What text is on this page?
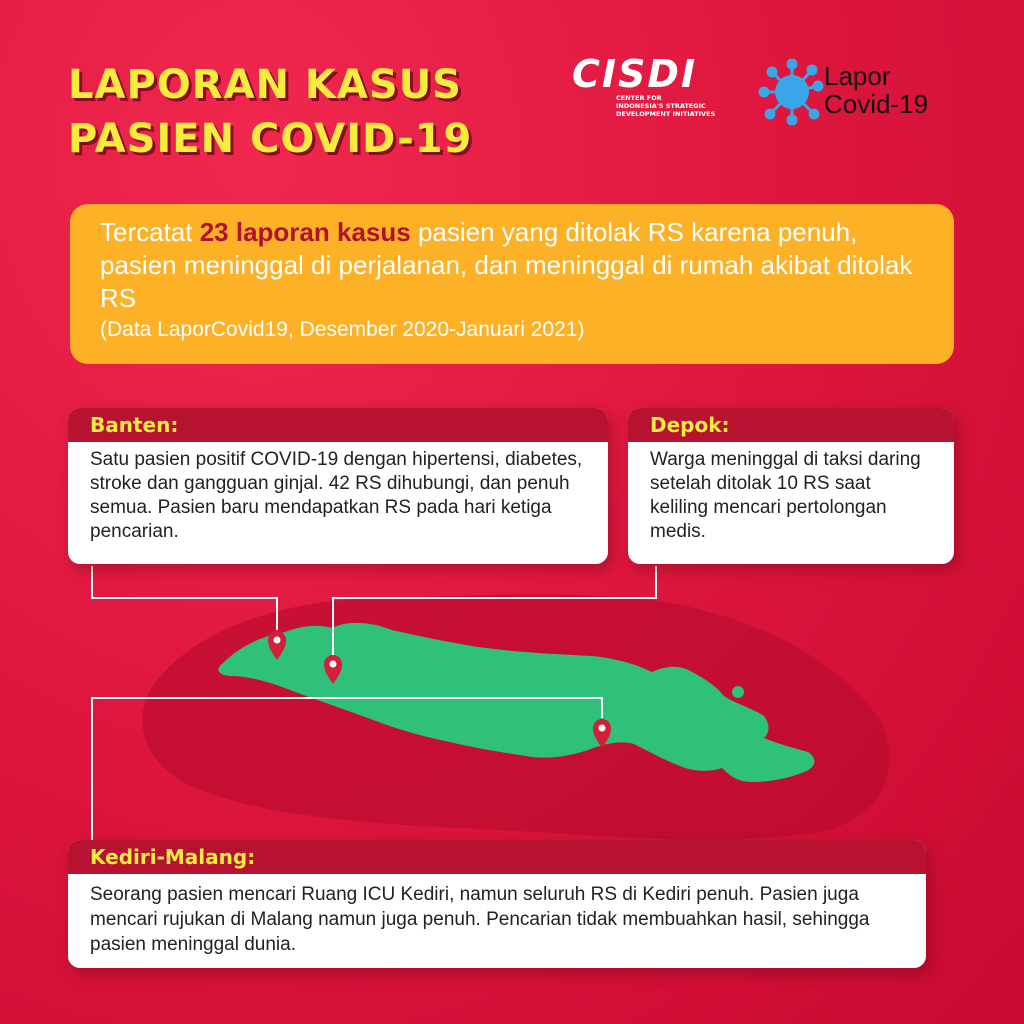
LAPORAN KASUS
PASIEN COVID-19
CISDI
CENTER FOR
INDONESIA'S STRATEGIC
DEVELOPMENT INITIATIVES
Lapor
Covid-19
Tercatat 23 laporan kasus pasien yang ditolak RS karena penuh, pasien meninggal di perjalanan, dan meninggal di rumah akibat ditolak RS
(Data LaporCovid19, Desember 2020-Januari 2021)
Banten:
Satu pasien positif COVID-19 dengan hipertensi, diabetes, stroke dan gangguan ginjal. 42 RS dihubungi, dan penuh semua. Pasien baru mendapatkan RS pada hari ketiga pencarian.
Depok:
Warga meninggal di taksi daring setelah ditolak 10 RS saat keliling mencari pertolongan medis.
Kediri-Malang:
Seorang pasien mencari Ruang ICU Kediri, namun seluruh RS di Kediri penuh. Pasien juga mencari rujukan di Malang namun juga penuh. Pencarian tidak membuahkan hasil, sehingga pasien meninggal dunia.
